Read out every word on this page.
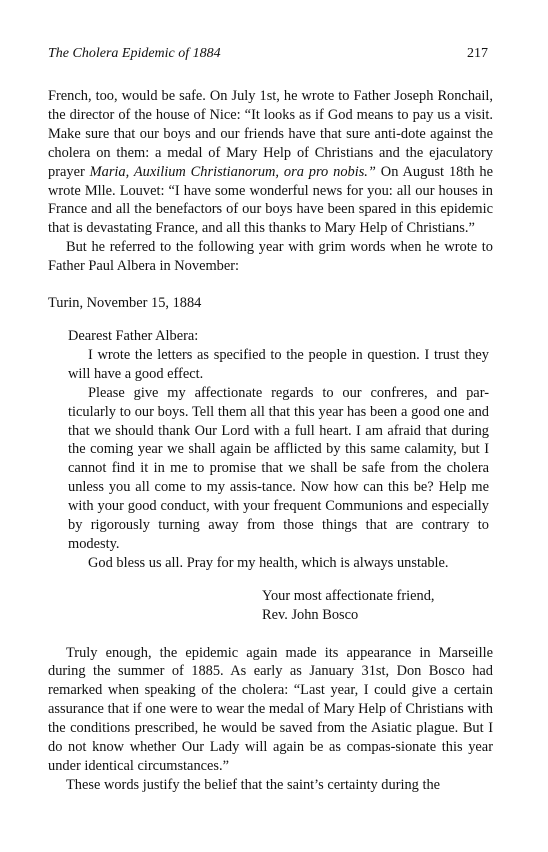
The Cholera Epidemic of 1884	217

French, too, would be safe. On July 1st, he wrote to Father Joseph Ronchail, the director of the house of Nice: “It looks as if God means to pay us a visit. Make sure that our boys and our friends have that sure anti-dote against the cholera on them: a medal of Mary Help of Christians and the ejaculatory prayer Maria, Auxilium Christianorum, ora pro nobis.” On August 18th he wrote Mlle. Louvet: “I have some wonderful news for you: all our houses in France and all the benefactors of our boys have been spared in this epidemic that is devastating France, and all this thanks to Mary Help of Christians.”

But he referred to the following year with grim words when he wrote to Father Paul Albera in November:

Turin, November 15, 1884

Dearest Father Albera:

I wrote the letters as specified to the people in question. I trust they will have a good effect.

Please give my affectionate regards to our confreres, and par-ticularly to our boys. Tell them all that this year has been a good one and that we should thank Our Lord with a full heart. I am afraid that during the coming year we shall again be afflicted by this same calamity, but I cannot find it in me to promise that we shall be safe from the cholera unless you all come to my assis-tance. Now how can this be? Help me with your good conduct, with your frequent Communions and especially by rigorously turning away from those things that are contrary to modesty.

God bless us all. Pray for my health, which is always unstable.

Your most affectionate friend,
Rev. John Bosco

Truly enough, the epidemic again made its appearance in Marseille during the summer of 1885. As early as January 31st, Don Bosco had remarked when speaking of the cholera: “Last year, I could give a certain assurance that if one were to wear the medal of Mary Help of Christians with the conditions prescribed, he would be saved from the Asiatic plague. But I do not know whether Our Lady will again be as compas-sionate this year under identical circumstances.”

These words justify the belief that the saint’s certainty during the
